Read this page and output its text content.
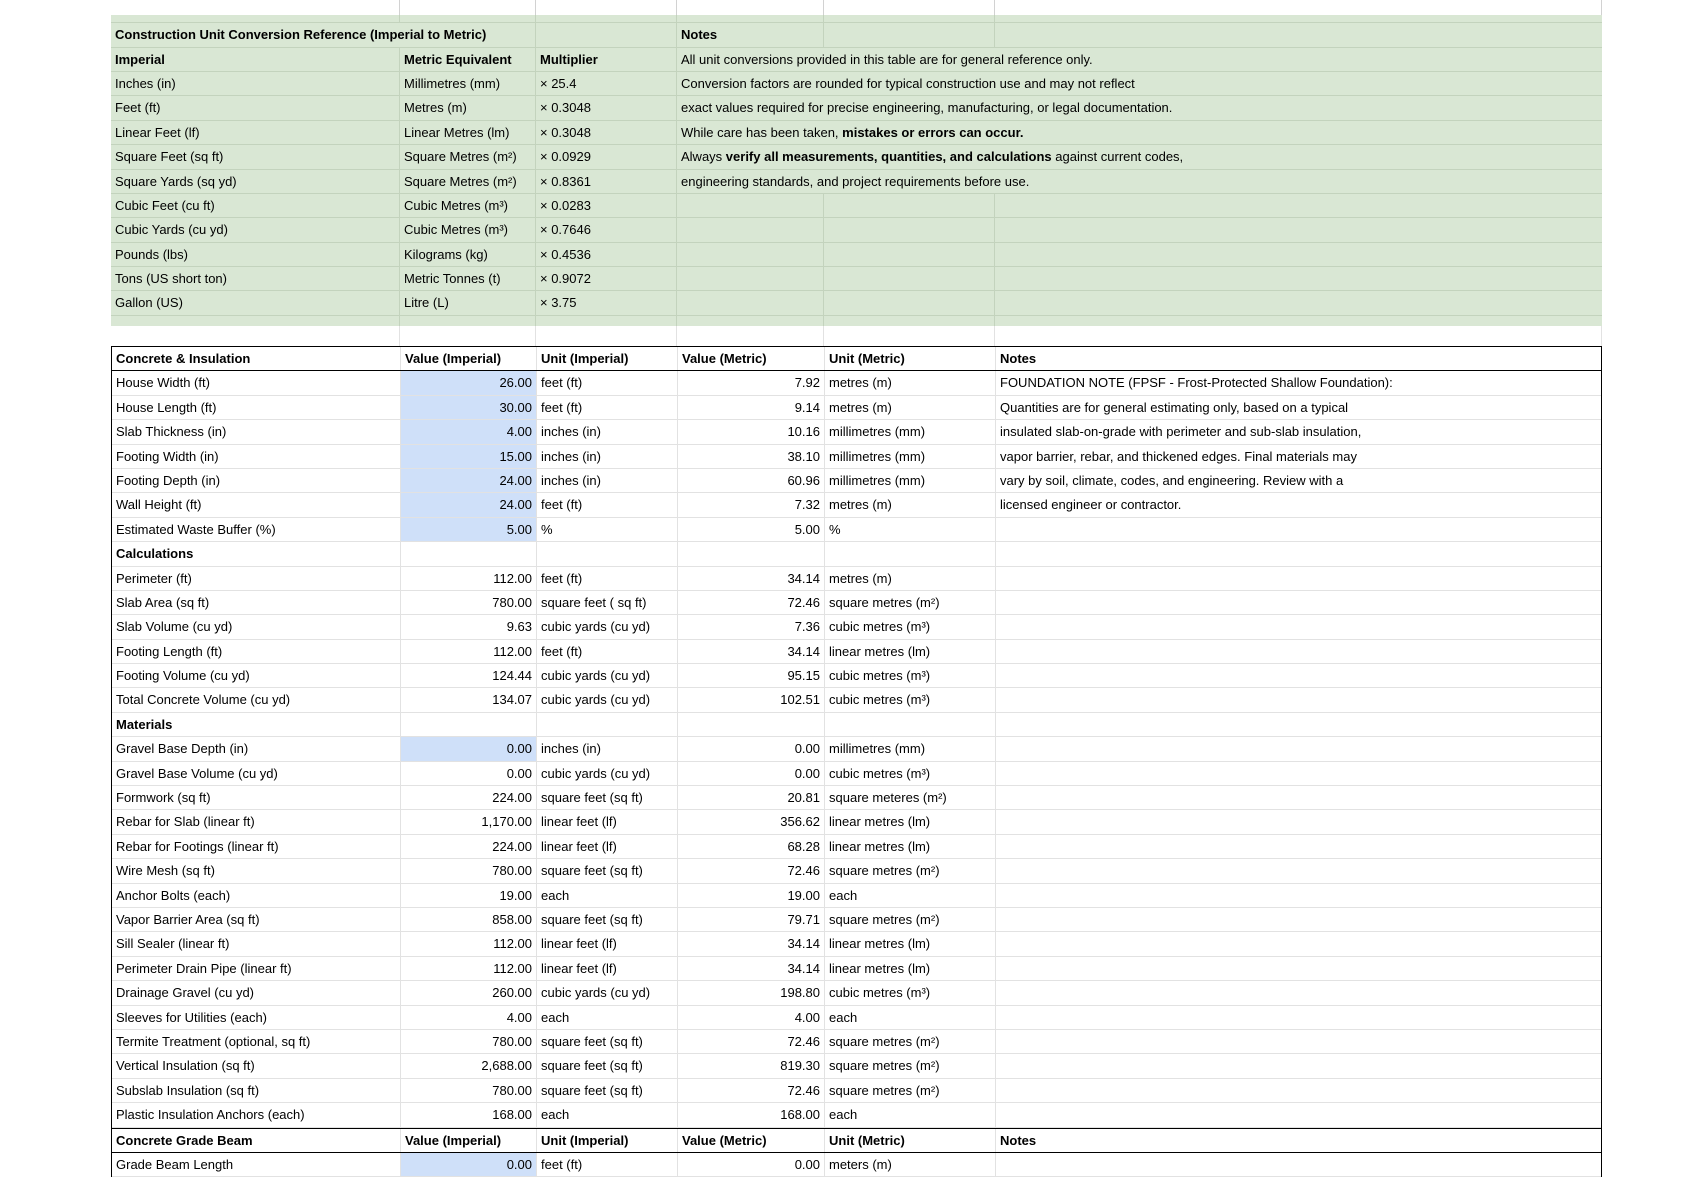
Construction Unit Conversion Reference (Imperial to Metric)	Notes
Imperial	Metric Equivalent	Multiplier	All unit conversions provided in this table are for general reference only.
Inches (in)	Millimetres (mm)	× 25.4	Conversion factors are rounded for typical construction use and may not reflect
Feet (ft)	Metres (m)	× 0.3048	exact values required for precise engineering, manufacturing, or legal documentation.
Linear Feet (lf)	Linear Metres (lm)	× 0.3048	While care has been taken, mistakes or errors can occur.
Square Feet (sq ft)	Square Metres (m²)	× 0.0929	Always verify all measurements, quantities, and calculations against current codes,
Square Yards (sq yd)	Square Metres (m²)	× 0.8361	engineering standards, and project requirements before use.
Cubic Feet (cu ft)	Cubic Metres (m³)	× 0.0283
Cubic Yards (cu yd)	Cubic Metres (m³)	× 0.7646
Pounds (lbs)	Kilograms (kg)	× 0.4536
Tons (US short ton)	Metric Tonnes (t)	× 0.9072
Gallon (US)	Litre (L)	× 3.75
Concrete & Insulation	Value (Imperial)	Unit (Imperial)	Value (Metric)	Unit (Metric)	Notes
House Width (ft)	26.00 feet (ft)	7.92 metres (m)	FOUNDATION NOTE (FPSF - Frost-Protected Shallow Foundation):
House Length (ft)	30.00 feet (ft)	9.14 metres (m)	Quantities are for general estimating only, based on a typical
Slab Thickness (in)	4.00 inches (in)	10.16 millimetres (mm)	insulated slab-on-grade with perimeter and sub-slab insulation,
Footing Width (in)	15.00 inches (in)	38.10 millimetres (mm)	vapor barrier, rebar, and thickened edges. Final materials may
Footing Depth (in)	24.00 inches (in)	60.96 millimetres (mm)	vary by soil, climate, codes, and engineering. Review with a
Wall Height (ft)	24.00 feet (ft)	7.32 metres (m)	licensed engineer or contractor.
Estimated Waste Buffer (%)	5.00 %	5.00 %
Calculations
Perimeter (ft)	112.00 feet (ft)	34.14 metres (m)
Slab Area (sq ft)	780.00 square feet ( sq ft)	72.46 square metres (m²)
Slab Volume (cu yd)	9.63 cubic yards (cu yd)	7.36 cubic metres (m³)
Footing Length (ft)	112.00 feet (ft)	34.14 linear metres (lm)
Footing Volume (cu yd)	124.44 cubic yards (cu yd)	95.15 cubic metres (m³)
Total Concrete Volume (cu yd)	134.07 cubic yards (cu yd)	102.51 cubic metres (m³)
Materials
Gravel Base Depth (in)	0.00 inches (in)	0.00 millimetres (mm)
Gravel Base Volume (cu yd)	0.00 cubic yards (cu yd)	0.00 cubic metres (m³)
Formwork (sq ft)	224.00 square feet (sq ft)	20.81 square meteres (m²)
Rebar for Slab (linear ft)	1,170.00 linear feet (lf)	356.62 linear metres (lm)
Rebar for Footings (linear ft)	224.00 linear feet (lf)	68.28 linear metres (lm)
Wire Mesh (sq ft)	780.00 square feet (sq ft)	72.46 square metres (m²)
Anchor Bolts (each)	19.00 each	19.00 each
Vapor Barrier Area (sq ft)	858.00 square feet (sq ft)	79.71 square metres (m²)
Sill Sealer (linear ft)	112.00 linear feet (lf)	34.14 linear metres (lm)
Perimeter Drain Pipe (linear ft)	112.00 linear feet (lf)	34.14 linear metres (lm)
Drainage Gravel (cu yd)	260.00 cubic yards (cu yd)	198.80 cubic metres (m³)
Sleeves for Utilities (each)	4.00 each	4.00 each
Termite Treatment (optional, sq ft)	780.00 square feet (sq ft)	72.46 square metres (m²)
Vertical Insulation (sq ft)	2,688.00 square feet (sq ft)	819.30 square metres (m²)
Subslab Insulation (sq ft)	780.00 square feet (sq ft)	72.46 square metres (m²)
Plastic Insulation Anchors (each)	168.00 each	168.00 each
Concrete Grade Beam	Value (Imperial)	Unit (Imperial)	Value (Metric)	Unit (Metric)	Notes
Grade Beam Length	0.00 feet (ft)	0.00 meters (m)
